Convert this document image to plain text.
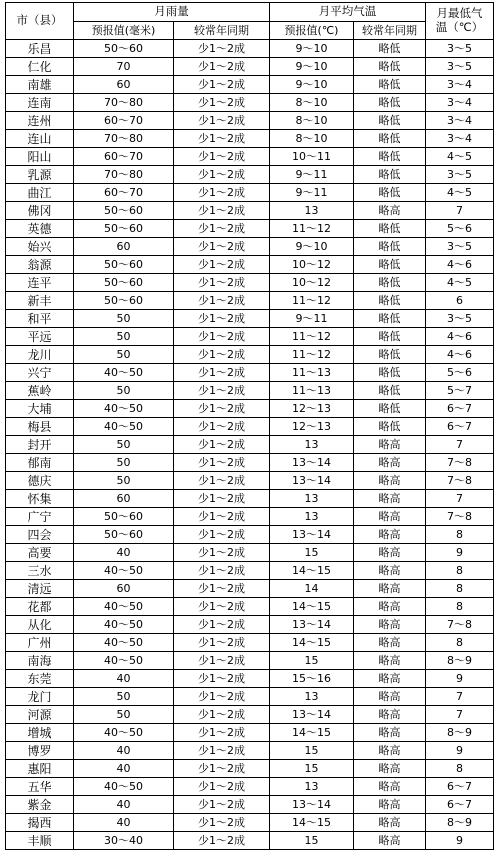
市（县）	月雨量		月平均气温		月最低气温（℃）

	预报值(毫米)	较常年同期	预报值(℃)	较常年同期	
乐昌	50～60	少1～2成	9～10	略低	3～5
仁化	70	少1～2成	9～10	略低	3～5
南雄	60	少1～2成	9～10	略低	3～4
连南	70～80	少1～2成	8～10	略低	3～4
连州	60～70	少1～2成	8～10	略低	3～4
连山	70～80	少1～2成	8～10	略低	3～4
阳山	60～70	少1～2成	10～11	略低	4～5
乳源	70～80	少1～2成	9～11	略低	3～5
曲江	60～70	少1～2成	9～11	略低	4～5
佛冈	50～60	少1～2成	13	略高	7
英德	50～60	少1～2成	11～12	略低	5～6
始兴	60	少1～2成	9～10	略低	3～5
翁源	50～60	少1～2成	10～12	略低	4～6
连平	50～60	少1～2成	10～12	略低	4～5
新丰	50～60	少1～2成	11～12	略低	6
和平	50	少1～2成	9～11	略低	3～5
平远	50	少1～2成	11～12	略低	4～6
龙川	50	少1～2成	11～12	略低	4～6
兴宁	40～50	少1～2成	11～13	略低	5～6
蕉岭	50	少1～2成	11～13	略低	5～7
大埔	40～50	少1～2成	12～13	略低	6～7
梅县	40～50	少1～2成	12～13	略低	6～7
封开	50	少1～2成	13	略高	7
郁南	50	少1～2成	13～14	略高	7～8
德庆	50	少1～2成	13～14	略高	7～8
怀集	60	少1～2成	13	略高	7
广宁	50～60	少1～2成	13	略高	7～8
四会	50～60	少1～2成	13～14	略高	8
高要	40	少1～2成	15	略高	9
三水	40～50	少1～2成	14～15	略高	8
清远	60	少1～2成	14	略高	8
花都	40～50	少1～2成	14～15	略高	8
从化	40～50	少1～2成	13～14	略高	7～8
广州	40～50	少1～2成	14～15	略高	8
南海	40～50	少1～2成	15	略高	8～9
东莞	40	少1～2成	15～16	略高	9
龙门	50	少1～2成	13	略高	7
河源	50	少1～2成	13～14	略高	7
增城	40～50	少1～2成	14～15	略高	8～9
博罗	40	少1～2成	15	略高	9
惠阳	40	少1～2成	15	略高	8
五华	40～50	少1～2成	13	略高	6～7
紫金	40	少1～2成	13～14	略高	6～7
揭西	40	少1～2成	14～15	略高	8～9
丰顺	30～40	少1～2成	15	略高	9
